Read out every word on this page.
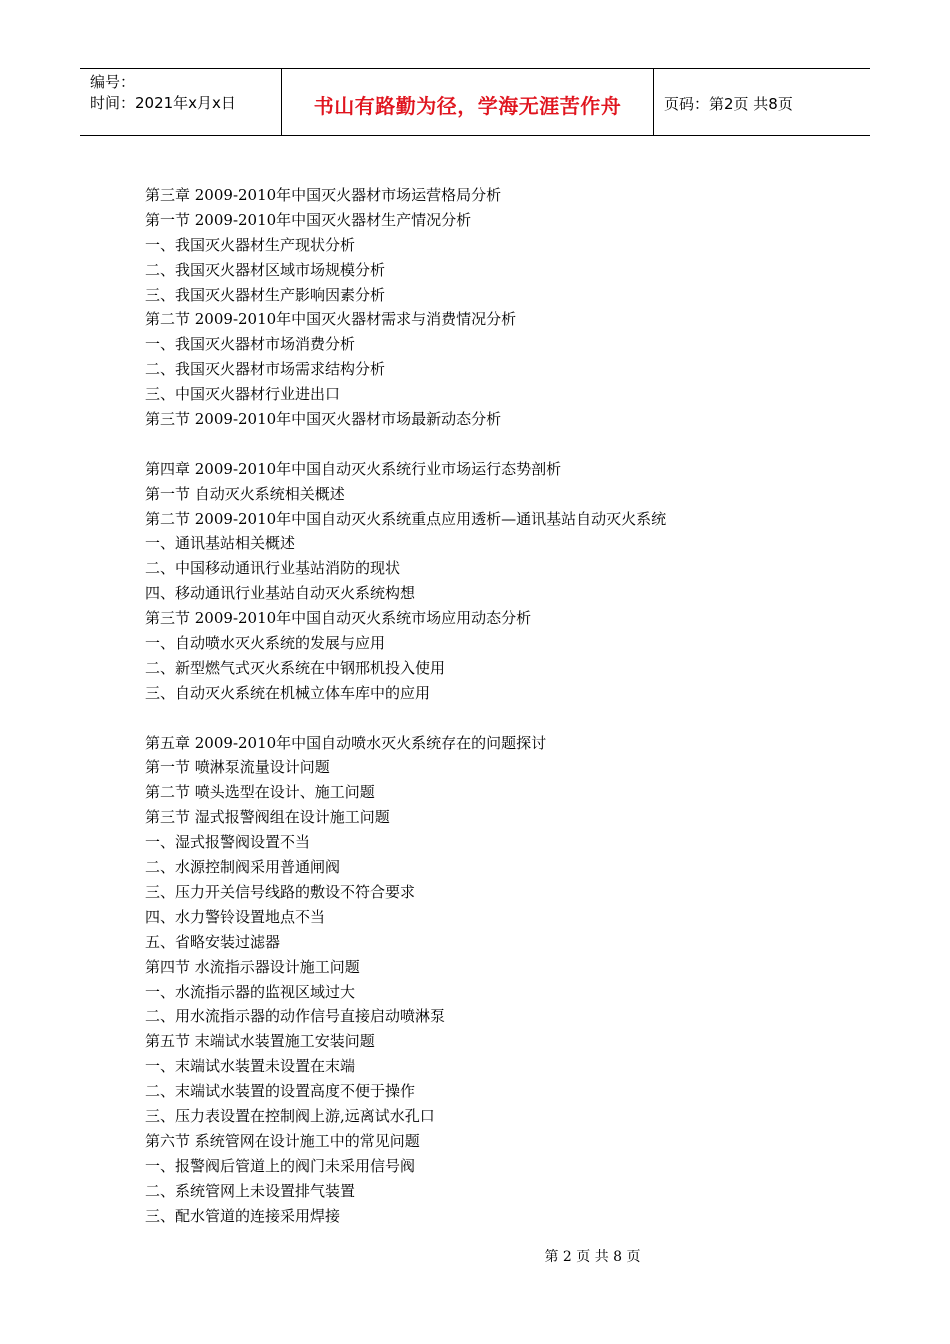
编号：
时间：2021年x月x日	书山有路勤为径，学海无涯苦作舟	页码：第2页 共8页
第三章 2009-2010年中国灭火器材市场运营格局分析
第一节 2009-2010年中国灭火器材生产情况分析
一、我国灭火器材生产现状分析
二、我国灭火器材区域市场规模分析
三、我国灭火器材生产影响因素分析
第二节 2009-2010年中国灭火器材需求与消费情况分析
一、我国灭火器材市场消费分析
二、我国灭火器材市场需求结构分析
三、中国灭火器材行业进出口
第三节 2009-2010年中国灭火器材市场最新动态分析
第四章 2009-2010年中国自动灭火系统行业市场运行态势剖析
第一节 自动灭火系统相关概述
第二节 2009-2010年中国自动灭火系统重点应用透析—通讯基站自动灭火系统
一、通讯基站相关概述
二、中国移动通讯行业基站消防的现状
四、移动通讯行业基站自动灭火系统构想
第三节 2009-2010年中国自动灭火系统市场应用动态分析
一、自动喷水灭火系统的发展与应用
二、新型燃气式灭火系统在中钢邢机投入使用
三、自动灭火系统在机械立体车库中的应用
第五章 2009-2010年中国自动喷水灭火系统存在的问题探讨
第一节 喷淋泵流量设计问题
第二节 喷头选型在设计、施工问题
第三节 湿式报警阀组在设计施工问题
一、湿式报警阀设置不当
二、水源控制阀采用普通闸阀
三、压力开关信号线路的敷设不符合要求
四、水力警铃设置地点不当
五、省略安装过滤器
第四节 水流指示器设计施工问题
一、水流指示器的监视区域过大
二、用水流指示器的动作信号直接启动喷淋泵
第五节 末端试水装置施工安装问题
一、末端试水装置未设置在末端
二、末端试水装置的设置高度不便于操作
三、压力表设置在控制阀上游,远离试水孔口
第六节 系统管网在设计施工中的常见问题
一、报警阀后管道上的阀门未采用信号阀
二、系统管网上未设置排气装置
三、配水管道的连接采用焊接
第 2 页 共 8 页
